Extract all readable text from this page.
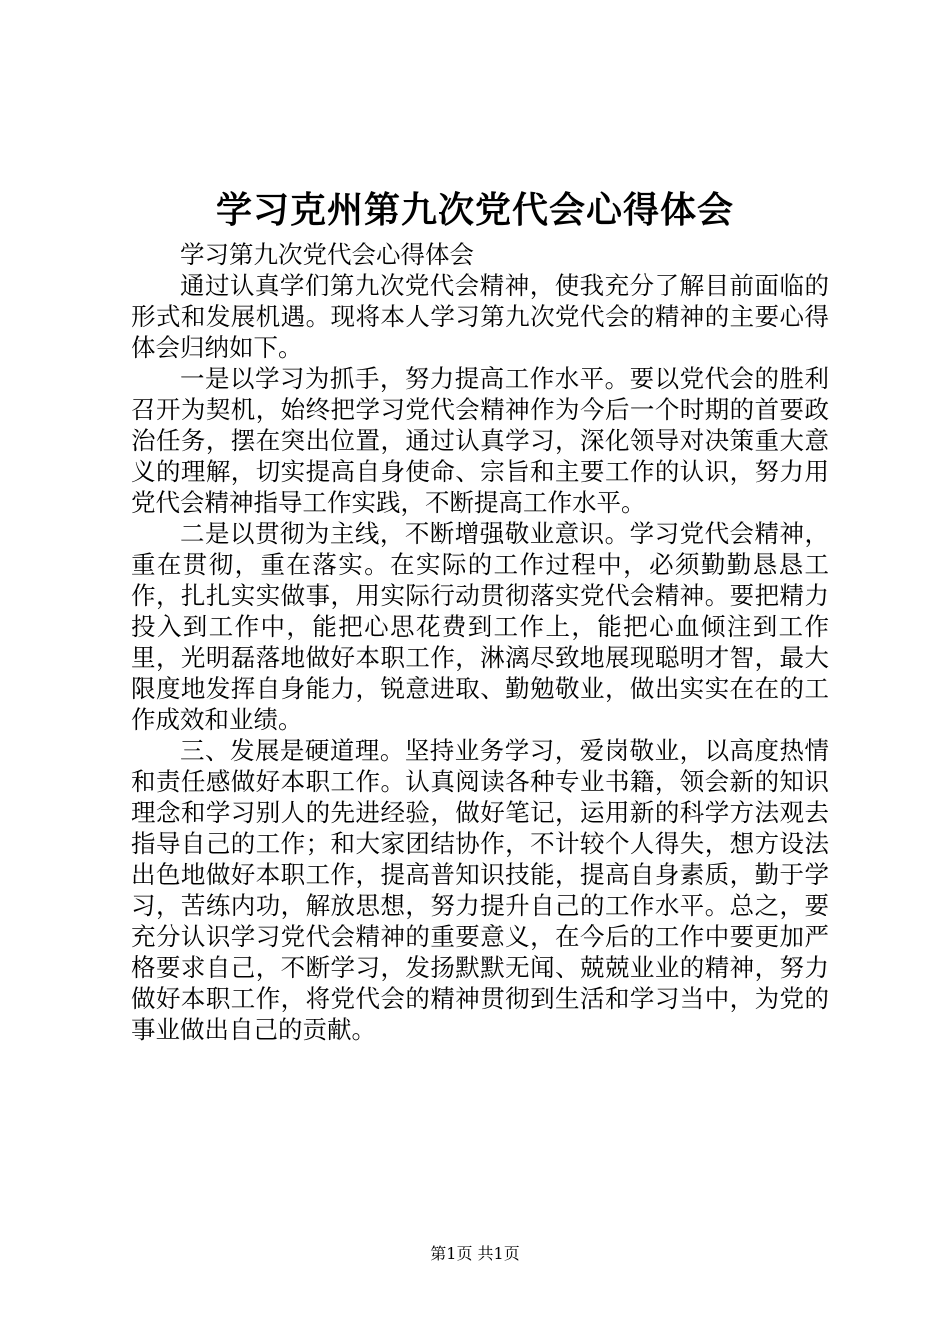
学习克州第九次党代会心得体会

学习第九次党代会心得体会

通过认真学们第九次党代会精神，使我充分了解目前面临的形式和发展机遇。现将本人学习第九次党代会的精神的主要心得体会归纳如下。

一是以学习为抓手，努力提高工作水平。要以党代会的胜利召开为契机，始终把学习党代会精神作为今后一个时期的首要政治任务，摆在突出位置，通过认真学习，深化领导对决策重大意义的理解，切实提高自身使命、宗旨和主要工作的认识，努力用党代会精神指导工作实践，不断提高工作水平。

二是以贯彻为主线，不断增强敬业意识。学习党代会精神，重在贯彻，重在落实。在实际的工作过程中，必须勤勤恳恳工作，扎扎实实做事，用实际行动贯彻落实党代会精神。要把精力投入到工作中，能把心思花费到工作上，能把心血倾注到工作里，光明磊落地做好本职工作，淋漓尽致地展现聪明才智，最大限度地发挥自身能力，锐意进取、勤勉敬业，做出实实在在的工作成效和业绩。

三、发展是硬道理。坚持业务学习，爱岗敬业，以高度热情和责任感做好本职工作。认真阅读各种专业书籍，领会新的知识理念和学习别人的先进经验，做好笔记，运用新的科学方法观去指导自己的工作；和大家团结协作，不计较个人得失，想方设法出色地做好本职工作，提高普知识技能，提高自身素质，勤于学习，苦练内功，解放思想，努力提升自己的工作水平。总之，要充分认识学习党代会精神的重要意义，在今后的工作中要更加严格要求自己，不断学习，发扬默默无闻、兢兢业业的精神，努力做好本职工作，将党代会的精神贯彻到生活和学习当中，为党的事业做出自己的贡献。

第1页 共1页
